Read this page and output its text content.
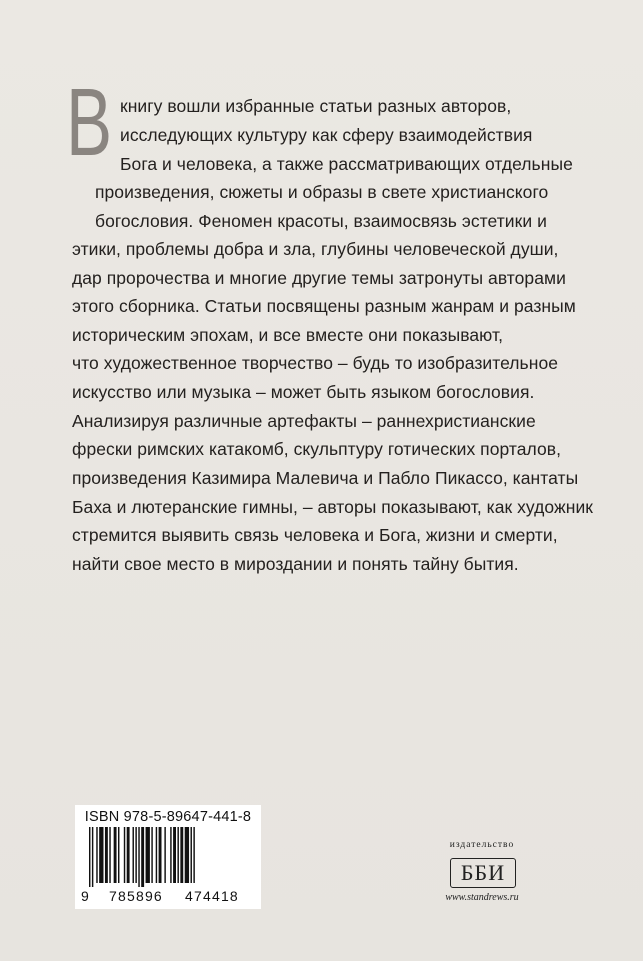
В книгу вошли избранные статьи разных авторов,
исследующих культуру как сферу взаимодействия
Бога и человека, а также рассматривающих отдельные
произведения, сюжеты и образы в свете христианского
богословия. Феномен красоты, взаимосвязь эстетики и
этики, проблемы добра и зла, глубины человеческой души,
дар пророчества и многие другие темы затронуты авторами
этого сборника. Статьи посвящены разным жанрам и разным
историческим эпохам, и все вместе они показывают,
что художественное творчество – будь то изобразительное
искусство или музыка – может быть языком богословия.
Анализируя различные артефакты – раннехристианские
фрески римских катакомб, скульптуру готических порталов,
произведения Казимира Малевича и Пабло Пикассо, кантаты
Баха и лютеранские гимны, – авторы показывают, как художник
стремится выявить связь человека и Бога, жизни и смерти,
найти свое место в мироздании и понять тайну бытия.
ISBN 978-5-89647-441-8
9 785896 474418
издательство
ББИ
www.standrews.ru
